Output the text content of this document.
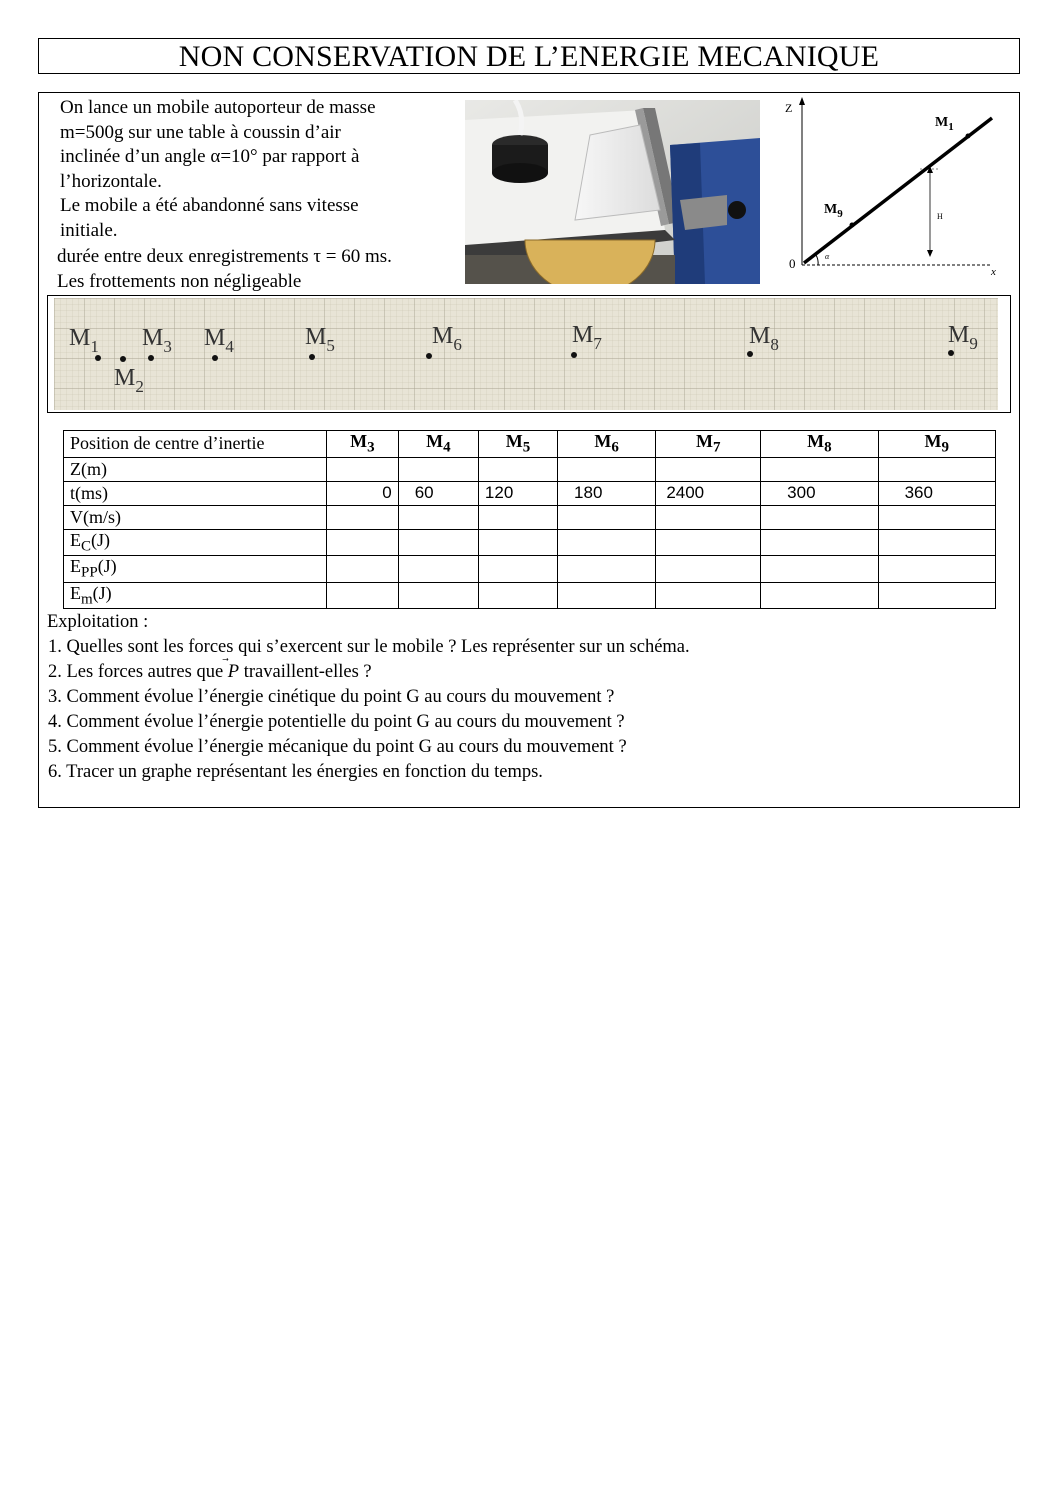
NON CONSERVATION DE L’ENERGIE MECANIQUE

On lance un mobile autoporteur de masse

m=500g sur une table à coussin d’air

inclinée d’un angle α=10° par rapport à

l’horizontale.

Le mobile a été abandonné sans vitesse

initiale.

durée entre deux enregistrements τ = 60 ms.

Les frottements non négligeable

Z
x
0
$M_1$
$M_9$	H
α
$M_1$
$M_2$
$M_3$ $M_4$	$M_5$	$M_6$	$M_7$	$M_8$	$M_9$
Position de centre d’inertie	$M_3$	$M_4$	$M_5$	$M_6$	$M_7$	$M_8$	$M_9$
Z(m)							
t(ms)	0	60	120	180	2400	300	360
V(m/s)							
$E_C(J)$							
$E_{PP}(J)$							
$E_m(J)$							

Exploitation :

1. Quelles sont les forces qui s’exercent sur le mobile ? Les représenter sur un schéma.

2. Les forces autres que
P travaillent-elles ?

3. Comment évolue l’énergie cinétique du point G au cours du mouvement ?

4. Comment évolue l’énergie potentielle du point G au cours du mouvement ?

5. Comment évolue l’énergie mécanique du point G au cours du mouvement ?

6. Tracer un graphe représentant les énergies en fonction du temps.
